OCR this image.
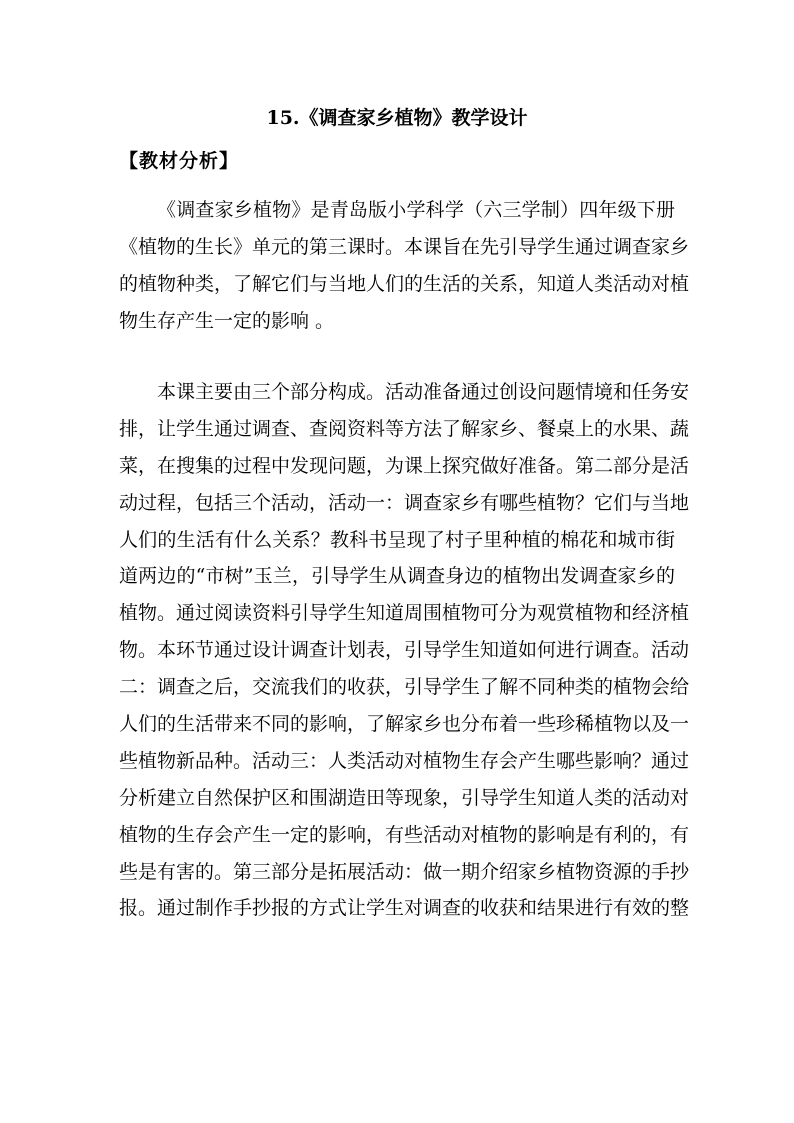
15.《调查家乡植物》教学设计
【教材分析】
《调查家乡植物》是青岛版小学科学（六三学制）四年级下册
《植物的生长》单元的第三课时。本课旨在先引导学生通过调查家乡
的植物种类，了解它们与当地人们的生活的关系，知道人类活动对植
物生存产生一定的影响 。
本课主要由三个部分构成。活动准备通过创设问题情境和任务安
排，让学生通过调查、查阅资料等方法了解家乡、餐桌上的水果、蔬
菜，在搜集的过程中发现问题，为课上探究做好准备。第二部分是活
动过程，包括三个活动，活动一：调查家乡有哪些植物？它们与当地
人们的生活有什么关系？教科书呈现了村子里种植的棉花和城市街
道两边的“市树”玉兰，引导学生从调查身边的植物出发调查家乡的
植物。通过阅读资料引导学生知道周围植物可分为观赏植物和经济植
物。本环节通过设计调查计划表，引导学生知道如何进行调查。活动
二：调查之后，交流我们的收获，引导学生了解不同种类的植物会给
人们的生活带来不同的影响，了解家乡也分布着一些珍稀植物以及一
些植物新品种。活动三：人类活动对植物生存会产生哪些影响？通过
分析建立自然保护区和围湖造田等现象，引导学生知道人类的活动对
植物的生存会产生一定的影响，有些活动对植物的影响是有利的，有
些是有害的。第三部分是拓展活动：做一期介绍家乡植物资源的手抄
报。通过制作手抄报的方式让学生对调查的收获和结果进行有效的整
